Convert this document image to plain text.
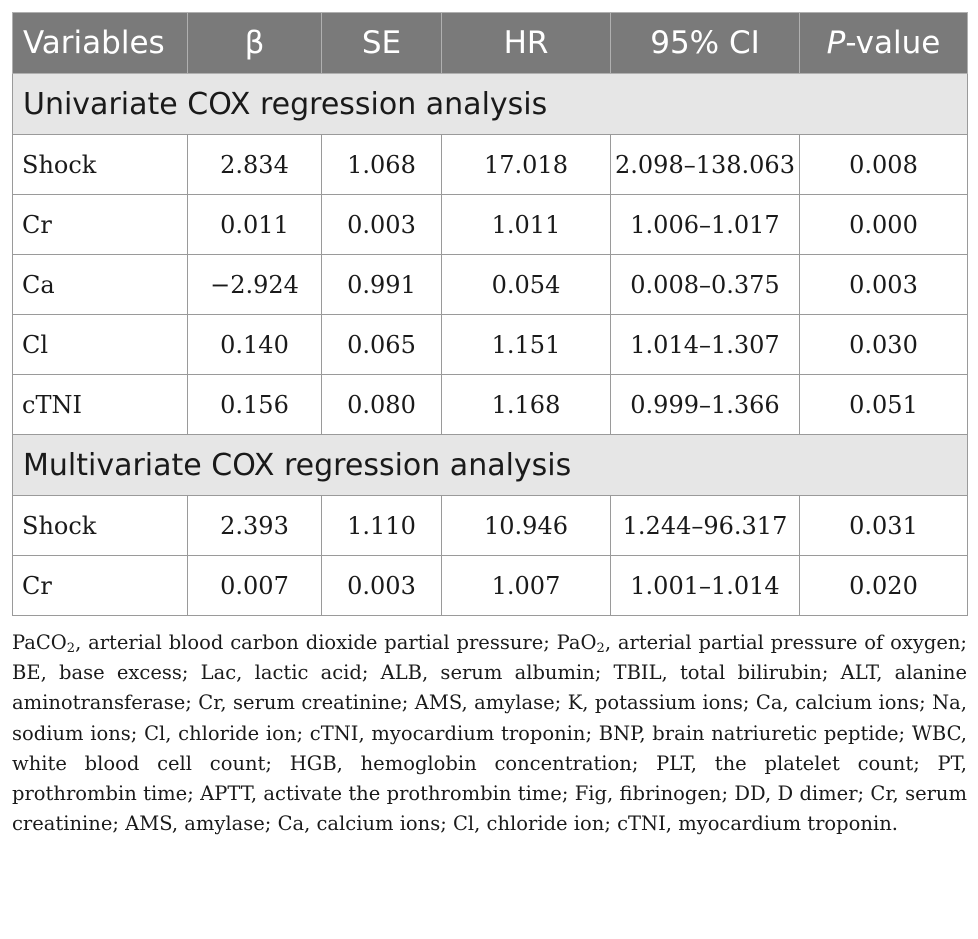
Variables	β	SE	HR	95% CI	P-value
Univariate COX regression analysis					
Shock	2.834	1.068	17.018	2.098–138.063	0.008
Cr	0.011	0.003	1.011	1.006–1.017	0.000
Ca	−2.924	0.991	0.054	0.008–0.375	0.003
Cl	0.140	0.065	1.151	1.014–1.307	0.030
cTNI	0.156	0.080	1.168	0.999–1.366	0.051
Multivariate COX regression analysis					
Shock	2.393	1.110	10.946	1.244–96.317	0.031
Cr	0.007	0.003	1.007	1.001–1.014	0.020

PaCO$_2$, arterial blood carbon dioxide partial pressure; PaO$_2$, arterial partial pressure of oxygen; BE, base excess; Lac, lactic acid; ALB, serum albumin; TBIL, total bilirubin; ALT, alanine aminotransferase; Cr, serum creatinine; AMS, amylase; K, potassium ions; Ca, calcium ions; Na, sodium ions; Cl, chloride ion; cTNI, myocardium troponin; BNP, brain natriuretic peptide; WBC, white blood cell count; HGB, hemoglobin concentration; PLT, the platelet count; PT, prothrombin time; APTT, activate the prothrombin time; Fig, fibrinogen; DD, D dimer; Cr, serum creatinine; AMS, amylase; Ca, calcium ions; Cl, chloride ion; cTNI, myocardium troponin.
